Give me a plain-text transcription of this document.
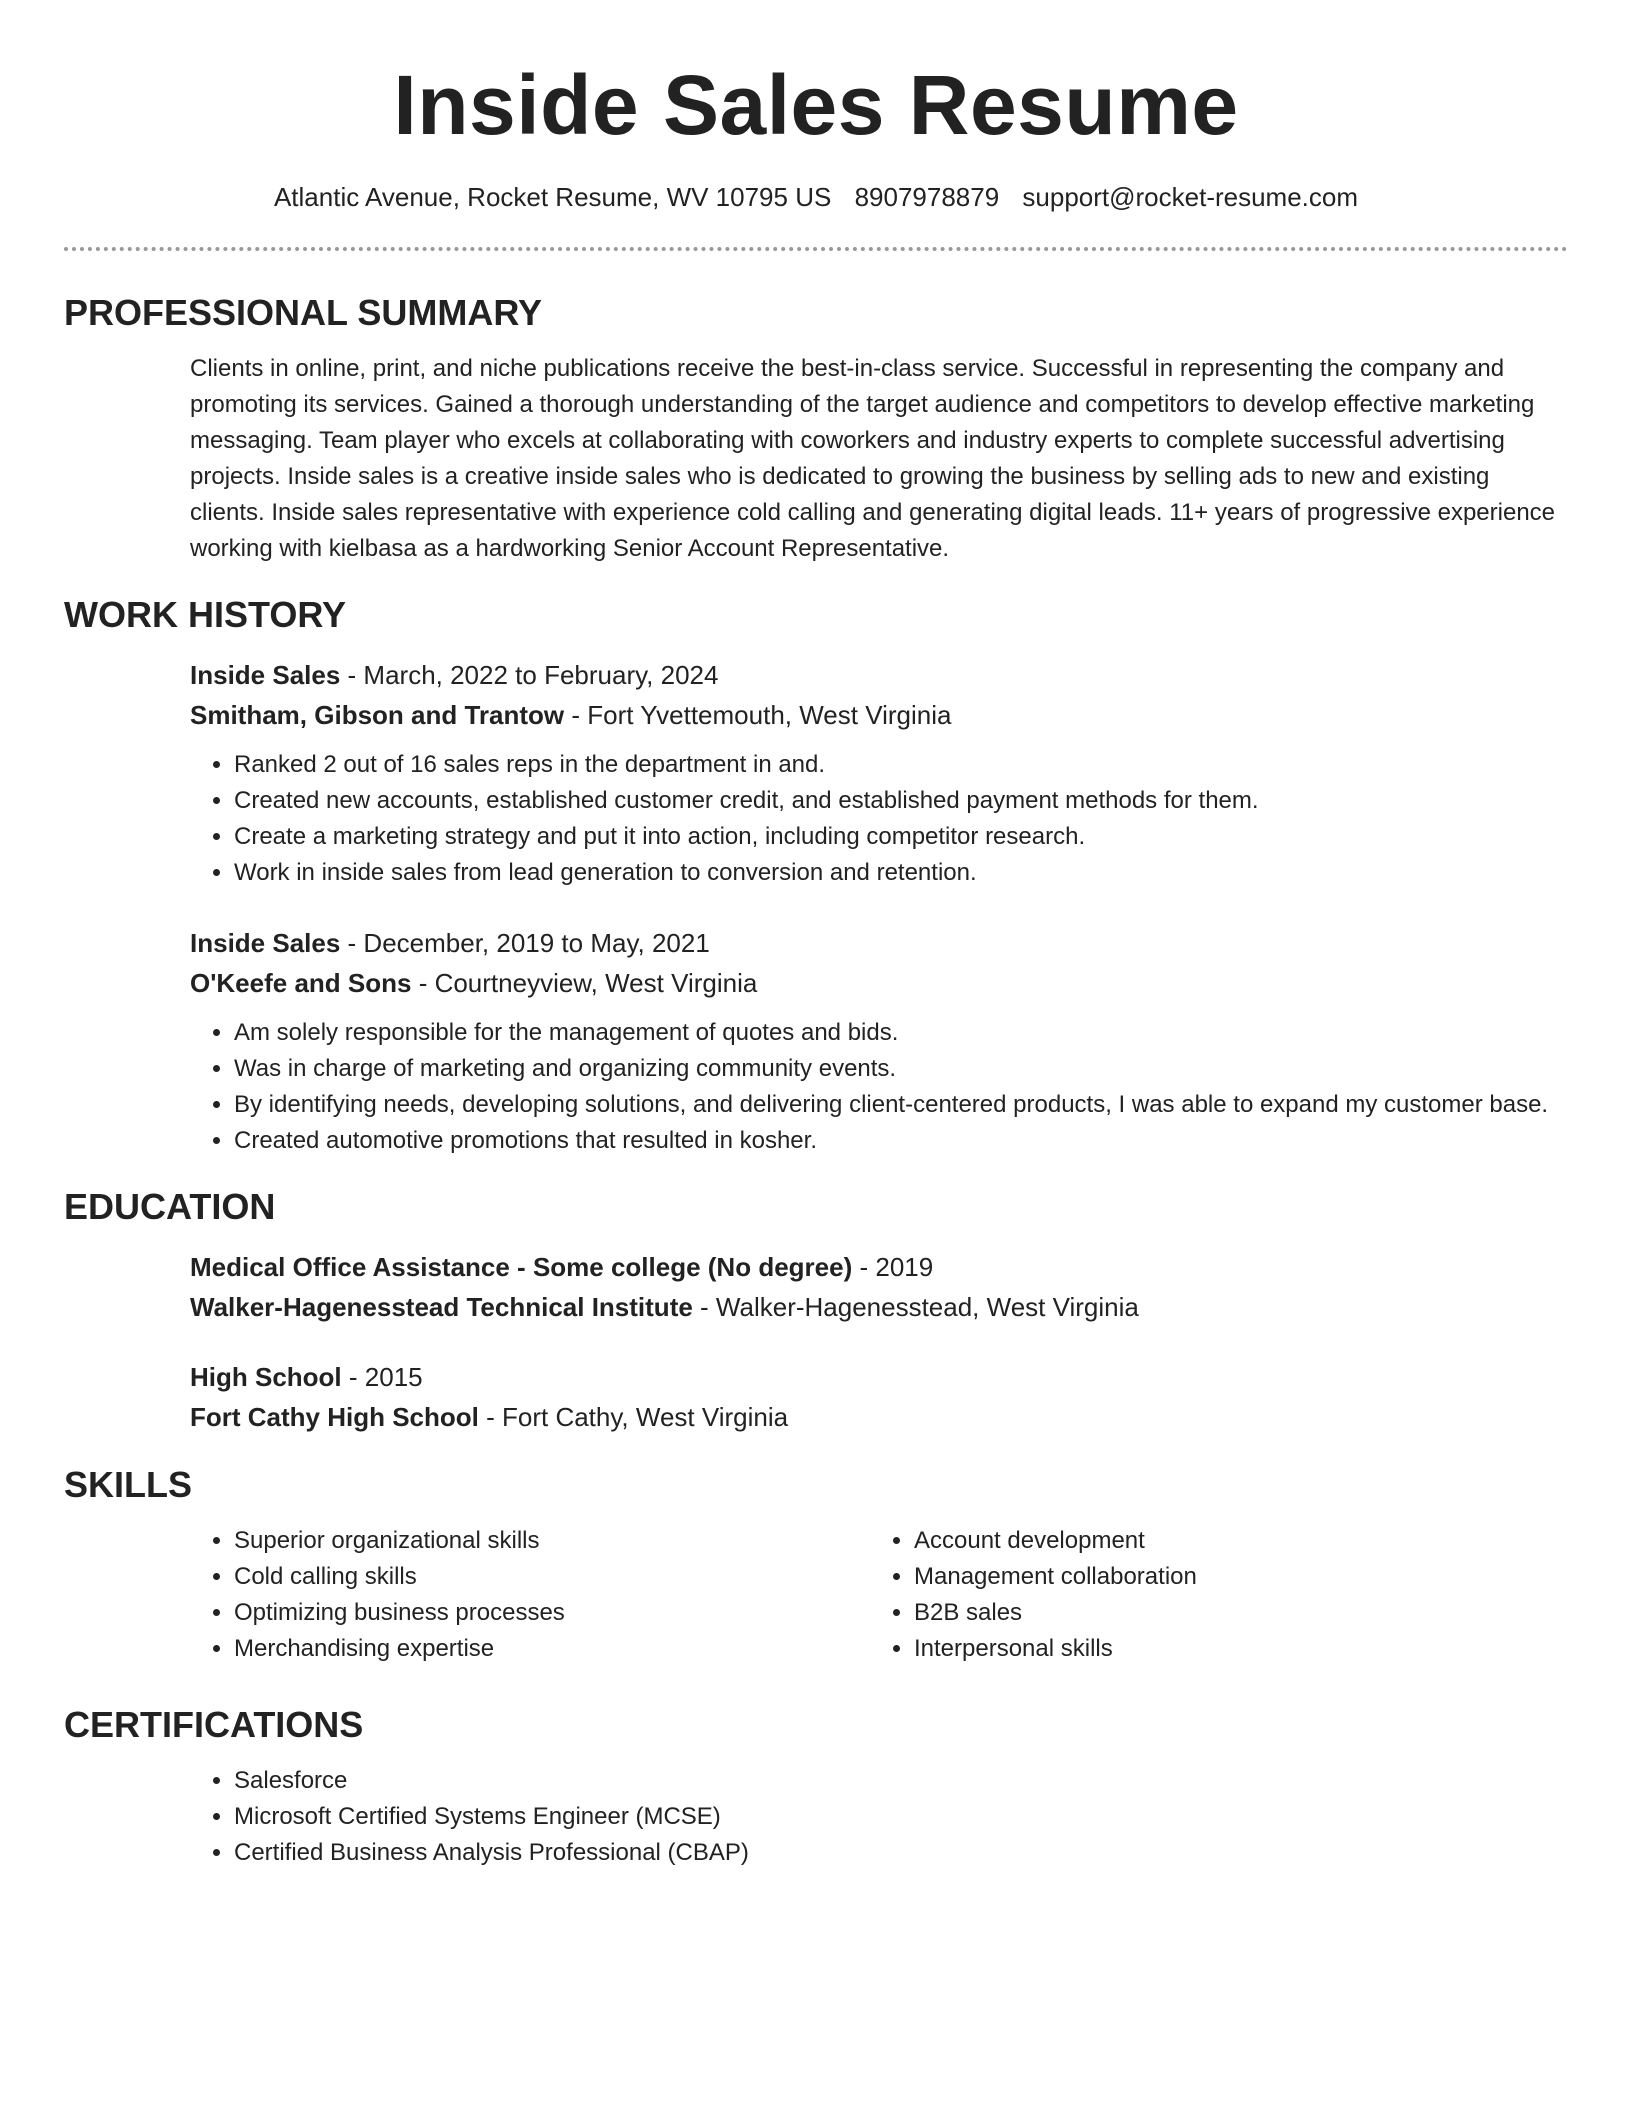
Inside Sales Resume
Atlantic Avenue, Rocket Resume, WV 10795 US 8907978879 support@rocket-resume.com
PROFESSIONAL SUMMARY

Clients in online, print, and niche publications receive the best-in-class service. Successful in representing the company and promoting its services. Gained a thorough understanding of the target audience and competitors to develop effective marketing messaging. Team player who excels at collaborating with coworkers and industry experts to complete successful advertising projects. Inside sales is a creative inside sales who is dedicated to growing the business by selling ads to new and existing clients. Inside sales representative with experience cold calling and generating digital leads. 11+ years of progressive experience working with kielbasa as a hardworking Senior Account Representative.

WORK HISTORY
Inside Sales - March, 2022 to February, 2024
Smitham, Gibson and Trantow - Fort Yvettemouth, West Virginia
• Ranked 2 out of 16 sales reps in the department in and.
• Created new accounts, established customer credit, and established payment methods for them.
• Create a marketing strategy and put it into action, including competitor research.
• Work in inside sales from lead generation to conversion and retention.
Inside Sales - December, 2019 to May, 2021
O'Keefe and Sons - Courtneyview, West Virginia
• Am solely responsible for the management of quotes and bids.
• Was in charge of marketing and organizing community events.
• By identifying needs, developing solutions, and delivering client-centered products, I was able to expand my customer base.
• Created automotive promotions that resulted in kosher.
EDUCATION
Medical Office Assistance - Some college (No degree) - 2019
Walker-Hagenesstead Technical Institute - Walker-Hagenesstead, West Virginia
High School - 2015
Fort Cathy High School - Fort Cathy, West Virginia
SKILLS
• Superior organizational skills
• Cold calling skills
• Optimizing business processes
• Merchandising expertise
• Account development
• Management collaboration
• B2B sales
• Interpersonal skills
CERTIFICATIONS
• Salesforce
• Microsoft Certified Systems Engineer (MCSE)
• Certified Business Analysis Professional (CBAP)
